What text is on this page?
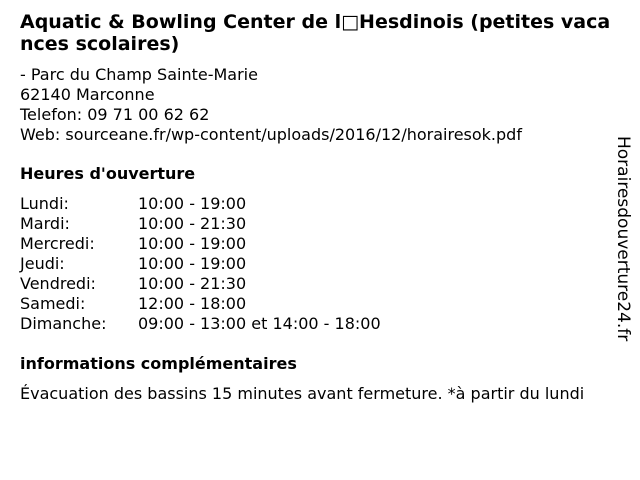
Aquatic & Bowling Center de l□Hesdinois (petites vacances scolaires)
- Parc du Champ Sainte-Marie
62140 Marconne
Telefon: 09 71 00 62 62
Web: sourceane.fr/wp-content/uploads/2016/12/horairesok.pdf
Heures d'ouverture
Lundi:	10:00 - 19:00
Mardi:	10:00 - 21:30
Mercredi:	10:00 - 19:00
Jeudi:	10:00 - 19:00
Vendredi:	10:00 - 21:30
Samedi:	12:00 - 18:00
Dimanche: 09:00 - 13:00 et 14:00 - 18:00
informations complémentaires
Évacuation des bassins 15 minutes avant fermeture. *à partir du lundi
Horairesdouverture24.fr
